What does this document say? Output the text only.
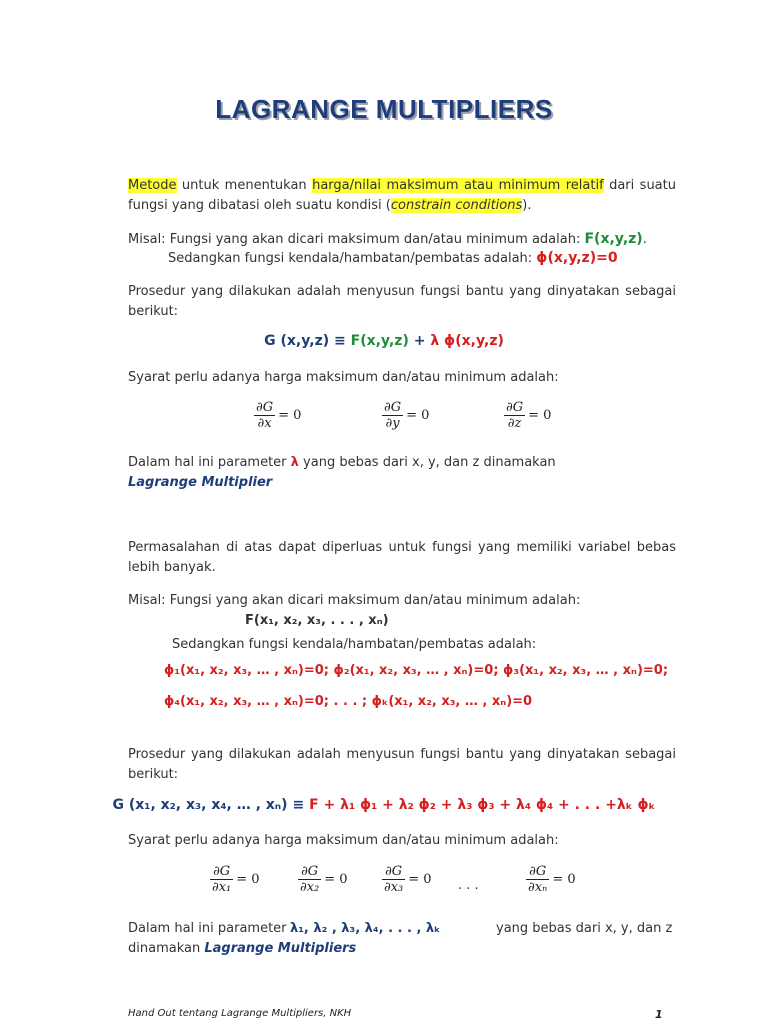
LAGRANGE MULTIPLIERS
Metode untuk menentukan harga/nilai maksimum atau minimum relatif dari suatu fungsi yang dibatasi oleh suatu kondisi (constrain conditions).
Misal: Fungsi yang akan dicari maksimum dan/atau minimum adalah: F(x,y,z).
Sedangkan fungsi kendala/hambatan/pembatas adalah: ϕ(x,y,z)=0
Prosedur yang dilakukan adalah menyusun fungsi bantu yang dinyatakan sebagai berikut:
G (x,y,z) ≡ F(x,y,z) + λ ϕ(x,y,z)
Syarat perlu adanya harga maksimum dan/atau minimum adalah:
$\frac{\partial G}{\partial x} = 0$	$\frac{\partial G}{\partial y} = 0$	$\frac{\partial G}{\partial z} = 0$
Dalam hal ini parameter λ yang bebas dari x, y, dan z dinamakan Lagrange Multiplier
Permasalahan di atas dapat diperluas untuk fungsi yang memiliki variabel bebas lebih banyak.
Misal: Fungsi yang akan dicari maksimum dan/atau minimum adalah:
F(x₁, x₂, x₃, . . . , xₙ)
Sedangkan fungsi kendala/hambatan/pembatas adalah:
ϕ₁(x₁, x₂, x₃, … , xₙ)=0; ϕ₂(x₁, x₂, x₃, … , xₙ)=0; ϕ₃(x₁, x₂, x₃, … , xₙ)=0;
ϕ₄(x₁, x₂, x₃, … , xₙ)=0; . . . ; ϕₖ(x₁, x₂, x₃, … , xₙ)=0
Prosedur yang dilakukan adalah menyusun fungsi bantu yang dinyatakan sebagai berikut:
G (x₁, x₂, x₃, x₄, … , xₙ) ≡ F + λ₁ ϕ₁ + λ₂ ϕ₂ + λ₃ ϕ₃ + λ₄ ϕ₄ + . . . +λₖ ϕₖ
Syarat perlu adanya harga maksimum dan/atau minimum adalah:
$\frac{\partial G}{\text{∂x₁}} = 0$	$\frac{\partial G}{\text{∂x₂}} = 0$	$\frac{\partial G}{\text{∂x₃}} = 0$ . . .	$\frac{\partial G}{\text{∂xₙ}} = 0$
Dalam hal ini parameter λ₁, λ₂ , λ₃, λ₄, . . . , λₖ	yang bebas dari x, y, dan z
dinamakan Lagrange Multipliers
Hand Out tentang Lagrange Multipliers, NKH	1
